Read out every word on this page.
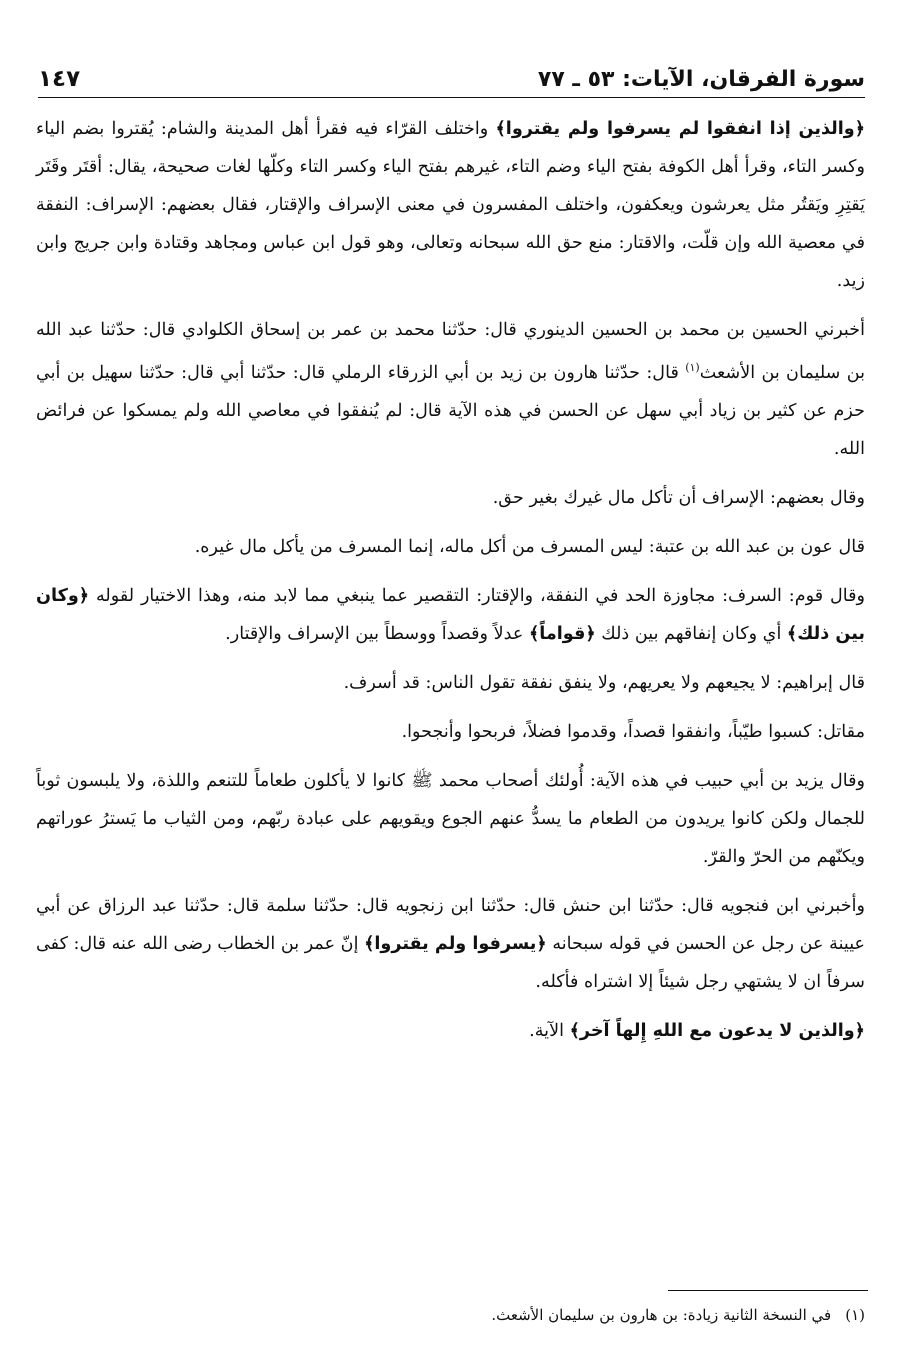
سورة الفرقان، الآيات: ٥٣ ـ ٧٧
١٤٧

﴿والذين إذا انفقوا لم يسرفوا ولم يقتروا﴾ واختلف القرّاء فيه فقرأ أهل المدينة والشام: يُقتروا بضم الياء وكسر التاء، وقرأ أهل الكوفة بفتح الياء وضم التاء، غيرهم بفتح الياء وكسر التاء وكلّها لغات صحيحة، يقال: أقتَر وقَتَر يَقتِرِ ويَقتُر مثل يعرشون ويعكفون، واختلف المفسرون في معنى الإسراف والإقتار، فقال بعضهم: الإسراف: النفقة في معصية الله وإن قلّت، والاقتار: منع حق الله سبحانه وتعالى، وهو قول ابن عباس ومجاهد وقتادة وابن جريج وابن زيد.

أخبرني الحسين بن محمد بن الحسين الدينوري قال: حدّثنا محمد بن عمر بن إسحاق الكلوادي قال: حدّثنا عبد الله بن سليمان بن الأشعث$^{(١)}$ قال: حدّثنا هارون بن زيد بن أبي الزرقاء الرملي قال: حدّثنا أبي قال: حدّثنا سهيل بن أبي حزم عن كثير بن زياد أبي سهل عن الحسن في هذه الآية قال: لم يُنفقوا في معاصي الله ولم يمسكوا عن فرائض الله.

وقال بعضهم: الإسراف أن تأكل مال غيرك بغير حق.

قال عون بن عبد الله بن عتبة: ليس المسرف من أكل ماله، إنما المسرف من يأكل مال غيره.

وقال قوم: السرف: مجاوزة الحد في النفقة، والإقتار: التقصير عما ينبغي مما لابد منه، وهذا الاختيار لقوله ﴿وكان بين ذلك﴾ أي وكان إنفاقهم بين ذلك ﴿قواماً﴾ عدلاً وقصداً ووسطاً بين الإسراف والإقتار.

قال إبراهيم: لا يجيعهم ولا يعريهم، ولا ينفق نفقة تقول الناس: قد أسرف.

مقاتل: كسبوا طيّباً، وانفقوا قصداً، وقدموا فضلاً، فربحوا وأنجحوا.

وقال يزيد بن أبي حبيب في هذه الآية: أُولئك أصحاب محمد ﷺ كانوا لا يأكلون طعاماً للتنعم واللذة، ولا يلبسون ثوباً للجمال ولكن كانوا يريدون من الطعام ما يسدُّ عنهم الجوع ويقويهم على عبادة ربّهم، ومن الثياب ما يَسترُ عوراتهم ويكنّهم من الحرّ والقرّ.

وأخبرني ابن فنجويه قال: حدّثنا ابن حنش قال: حدّثنا ابن زنجويه قال: حدّثنا سلمة قال: حدّثنا عبد الرزاق عن أبي عيينة عن رجل عن الحسن في قوله سبحانه ﴿يسرفوا ولم يقتروا﴾ إنّ عمر بن الخطاب رضى الله عنه قال: كفى سرفاً ان لا يشتهي رجل شيئاً إلا اشتراه فأكله.

﴿والذين لا يدعون مع اللهِ إِلهاً آخر﴾ الآية.

(١)في النسخة الثانية زيادة: بن هارون بن سليمان الأشعث.
